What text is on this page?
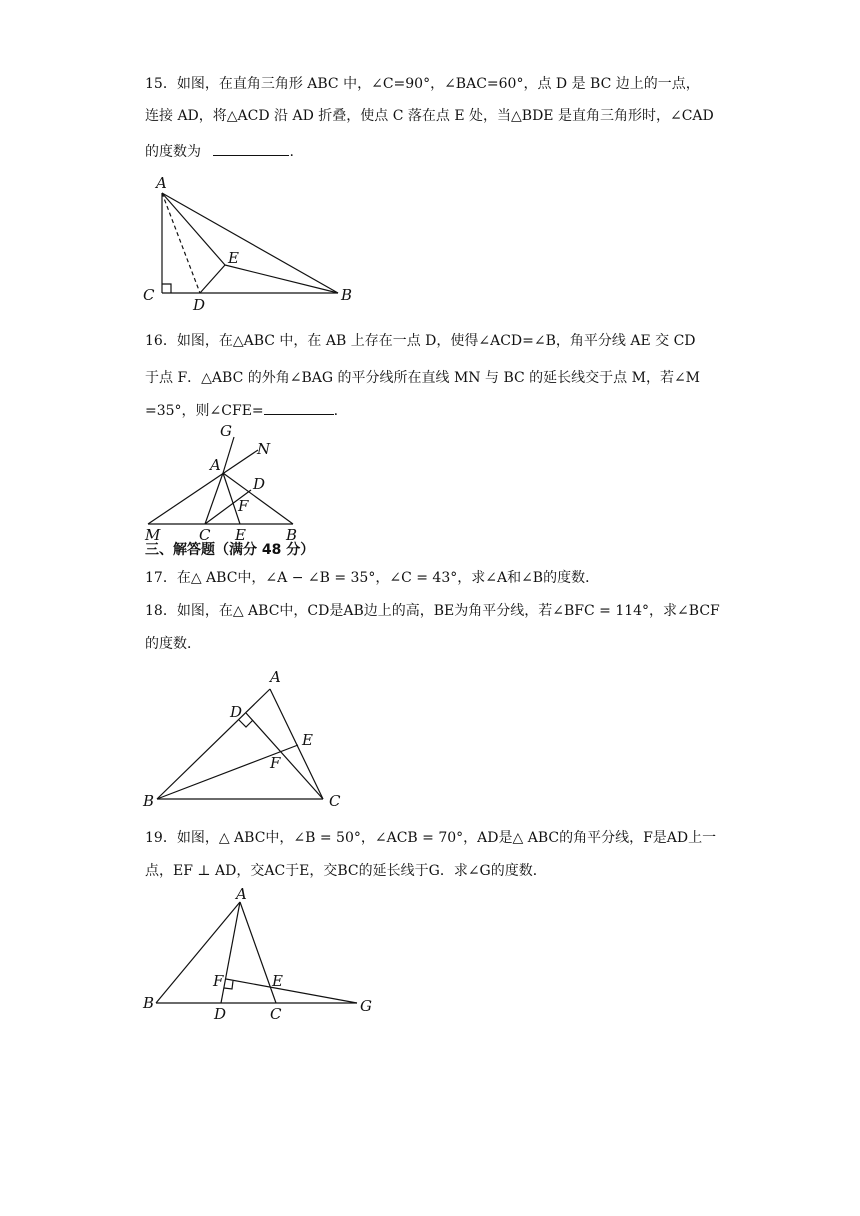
15．如图，在直角三角形 ABC 中，∠C=90°，∠BAC=60°，点 D 是 BC 边上的一点，
连接 AD，将△ACD 沿 AD 折叠，使点 C 落在点 E 处，当△BDE 是直角三角形时，∠CAD
的度数为	.
A
C
D
E
B
16．如图，在△ABC 中，在 AB 上存在一点 D，使得∠ACD=∠B，角平分线 AE 交 CD
于点 F．△ABC 的外角∠BAG 的平分线所在直线 MN 与 BC 的延长线交于点 M，若∠M
=35°，则∠CFE=	.
G
N
A
D
F
M	C E	B
三、解答题（满分 48 分）
17．在△ ABC中，∠A − ∠B = 35°，∠C = 43°，求∠A和∠B的度数．
18．如图，在△ ABC中，CD是AB边上的高，BE为角平分线，若∠BFC = 114°，求∠BCF
的度数．
A
D
E
F
B	C
19．如图，△ ABC中，∠B = 50°，∠ACB = 70°，AD是△ ABC的角平分线，F是AD上一
点，EF ⊥ AD，交AC于E，交BC的延长线于G．求∠G的度数．
A
F	E
B
D	C	G
